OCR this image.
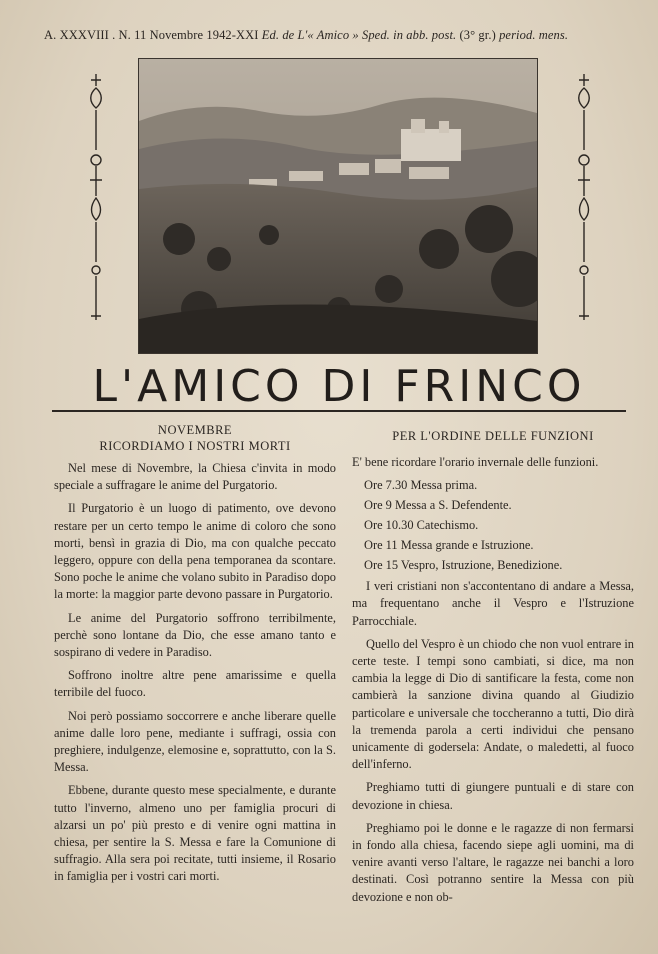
A. XXXVIII . N. 11 Novembre 1942-XXI Ed. de L'« Amico » Sped. in abb. post. (3° gr.) period. mens.
L'AMICO DI FRINCO
NOVEMBRE
RICORDIAMO I NOSTRI MORTI

Nel mese di Novembre, la Chiesa c'invita in modo speciale a suffragare le anime del Purgatorio.

Il Purgatorio è un luogo di patimento, ove devono restare per un certo tempo le anime di coloro che sono morti, bensì in grazia di Dio, ma con qualche peccato leggero, oppure con della pena temporanea da scontare. Sono poche le anime che volano subito in Paradiso dopo la morte: la maggior parte devono passare in Purgatorio.

Le anime del Purgatorio soffrono terribilmente, perchè sono lontane da Dio, che esse amano tanto e sospirano di vedere in Paradiso.

Soffrono inoltre altre pene amarissime e quella terribile del fuoco.

Noi però possiamo soccorrere e anche liberare quelle anime dalle loro pene, mediante i suffragi, ossia con preghiere, indulgenze, elemosine e, soprattutto, con la S. Messa.

Ebbene, durante questo mese specialmente, e durante tutto l'inverno, almeno uno per famiglia procuri di alzarsi un po' più presto e di venire ogni mattina in chiesa, per sentire la S. Messa e fare la Comunione di suffragio. Alla sera poi recitate, tutti insieme, il Rosario in famiglia per i vostri cari morti.

PER L'ORDINE DELLE FUNZIONI

E' bene ricordare l'orario invernale delle funzioni.

Ore 7.30 Messa prima.
Ore 9 Messa a S. Defendente.
Ore 10.30 Catechismo.
Ore 11 Messa grande e Istruzione.
Ore 15 Vespro, Istruzione, Benedizione.

I veri cristiani non s'accontentano di andare a Messa, ma frequentano anche il Vespro e l'Istruzione Parrocchiale.

Quello del Vespro è un chiodo che non vuol entrare in certe teste. I tempi sono cambiati, si dice, ma non cambia la legge di Dio di santificare la festa, come non cambierà la sanzione divina quando al Giudizio particolare e universale che toccheranno a tutti, Dio dirà la tremenda parola a certi individui che pensano unicamente di godersela: Andate, o maledetti, al fuoco dell'inferno.

Preghiamo tutti di giungere puntuali e di stare con devozione in chiesa.

Preghiamo poi le donne e le ragazze di non fermarsi in fondo alla chiesa, facendo siepe agli uomini, ma di venire avanti verso l'altare, le ragazze nei banchi a loro destinati. Così potranno sentire la Messa con più devozione e non ob-
